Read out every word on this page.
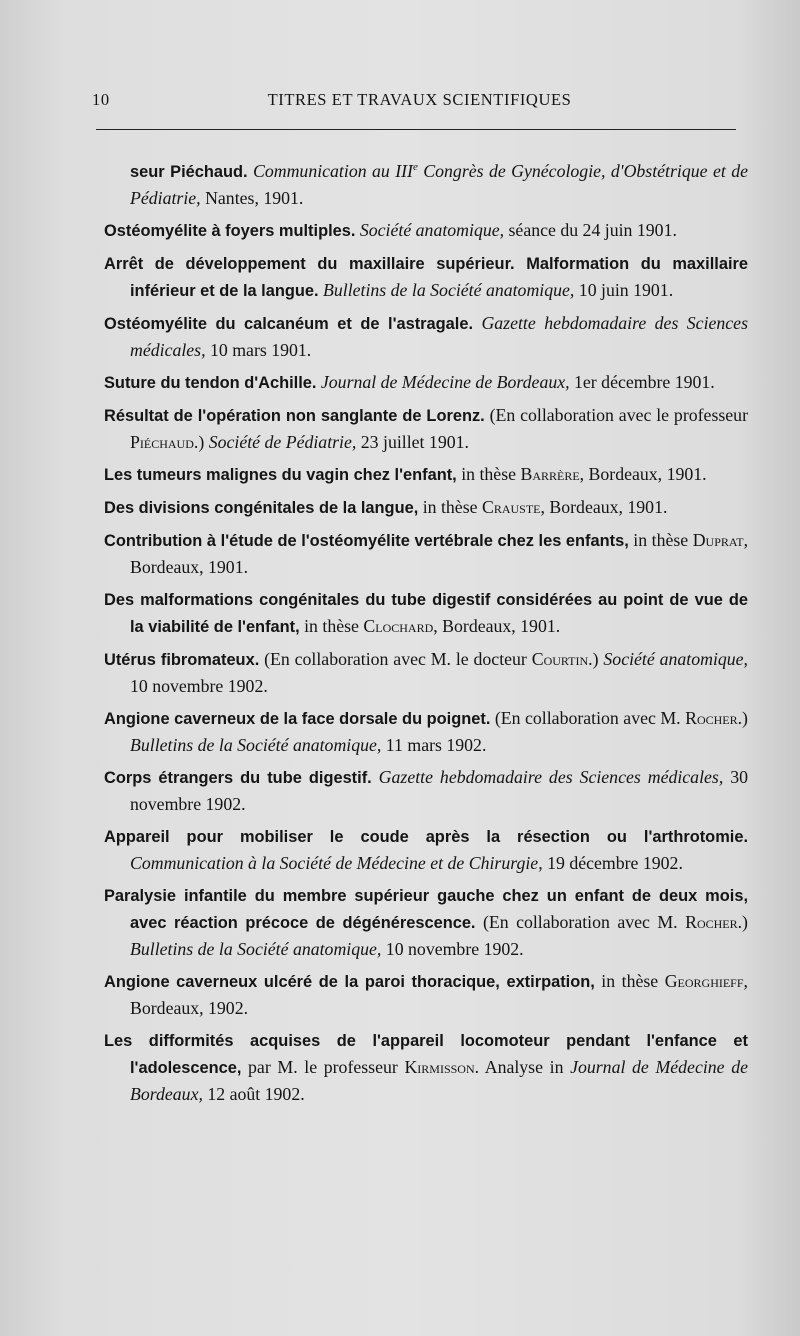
10	TITRES ET TRAVAUX SCIENTIFIQUES

seur Piéchaud. Communication au IIIe Congrès de Gynécologie, d'Obstétrique et de Pédiatrie, Nantes, 1901.

Ostéomyélite à foyers multiples. Société anatomique, séance du 24 juin 1901.

Arrêt de développement du maxillaire supérieur. Malformation du maxillaire inférieur et de la langue. Bulletins de la Société anatomique, 10 juin 1901.

Ostéomyélite du calcanéum et de l'astragale. Gazette hebdomadaire des Sciences médicales, 10 mars 1901.

Suture du tendon d'Achille. Journal de Médecine de Bordeaux, 1er décembre 1901.

Résultat de l'opération non sanglante de Lorenz. (En collaboration avec le professeur Piéchaud.) Société de Pédiatrie, 23 juillet 1901.

Les tumeurs malignes du vagin chez l'enfant, in thèse Barrère, Bordeaux, 1901.

Des divisions congénitales de la langue, in thèse Crauste, Bordeaux, 1901.

Contribution à l'étude de l'ostéomyélite vertébrale chez les enfants, in thèse Duprat, Bordeaux, 1901.

Des malformations congénitales du tube digestif considérées au point de vue de la viabilité de l'enfant, in thèse Clochard, Bordeaux, 1901.

Utérus fibromateux. (En collaboration avec M. le docteur Courtin.) Société anatomique, 10 novembre 1902.

Angione caverneux de la face dorsale du poignet. (En collaboration avec M. Rocher.) Bulletins de la Société anatomique, 11 mars 1902.

Corps étrangers du tube digestif. Gazette hebdomadaire des Sciences médicales, 30 novembre 1902.

Appareil pour mobiliser le coude après la résection ou l'arthrotomie. Communication à la Société de Médecine et de Chirurgie, 19 décembre 1902.

Paralysie infantile du membre supérieur gauche chez un enfant de deux mois, avec réaction précoce de dégénérescence. (En collaboration avec M. Rocher.) Bulletins de la Société anatomique, 10 novembre 1902.

Angione caverneux ulcéré de la paroi thoracique, extirpation, in thèse Georghieff, Bordeaux, 1902.

Les difformités acquises de l'appareil locomoteur pendant l'enfance et l'adolescence, par M. le professeur Kirmisson. Analyse in Journal de Médecine de Bordeaux, 12 août 1902.
